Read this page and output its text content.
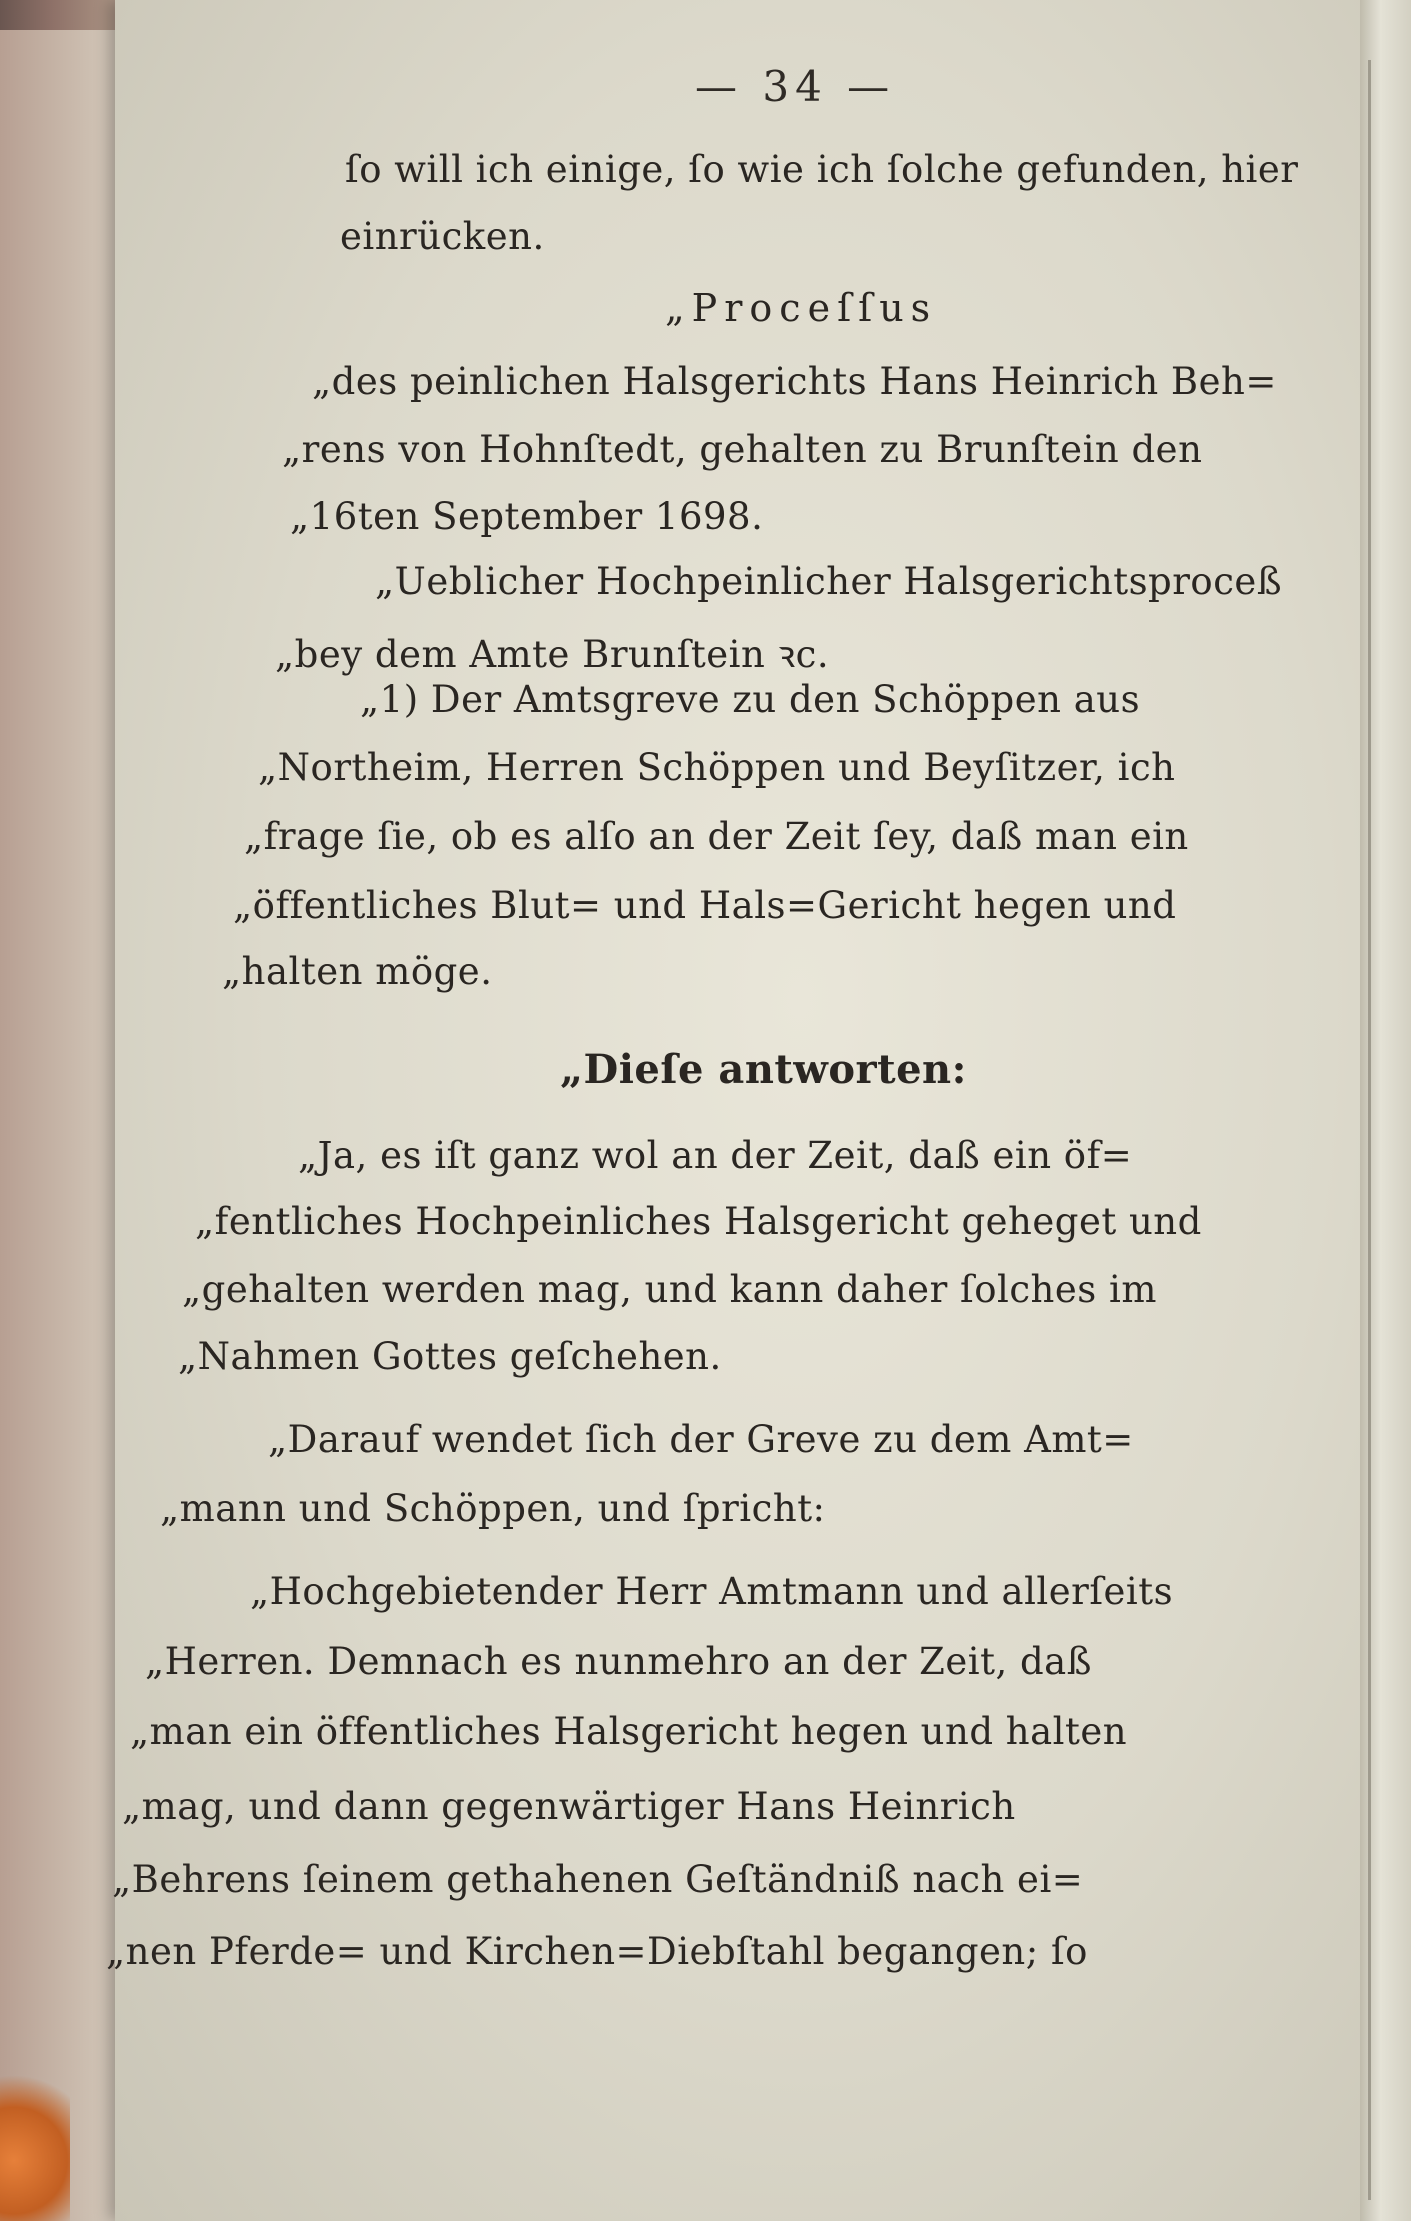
— 34 —
ſo will ich einige, ſo wie ich ſolche gefunden, hier
einrücken.
„Proceſſus
„des peinlichen Halsgerichts Hans Heinrich Beh=
„rens von Hohnſtedt, gehalten zu Brunſtein den
„16ten September 1698.
„Ueblicher Hochpeinlicher Halsgerichtsproceß
„bey dem Amte Brunſtein ꝛc.
„1) Der Amtsgreve zu den Schöppen aus
„Northeim, Herren Schöppen und Beyſitzer, ich
„frage ſie, ob es alſo an der Zeit ſey, daß man ein
„öffentliches Blut= und Hals=Gericht hegen und
„halten möge.
„Dieſe antworten:
„Ja, es iſt ganz wol an der Zeit, daß ein öf=
„fentliches Hochpeinliches Halsgericht geheget und
„gehalten werden mag, und kann daher ſolches im
„Nahmen Gottes geſchehen.
„Darauf wendet ſich der Greve zu dem Amt=
„mann und Schöppen, und ſpricht:
„Hochgebietender Herr Amtmann und allerſeits
„Herren. Demnach es nunmehro an der Zeit, daß
„man ein öffentliches Halsgericht hegen und halten
„mag, und dann gegenwärtiger Hans Heinrich
„Behrens ſeinem gethahenen Geſtändniß nach ei=
„nen Pferde= und Kirchen=Diebſtahl begangen; ſo
